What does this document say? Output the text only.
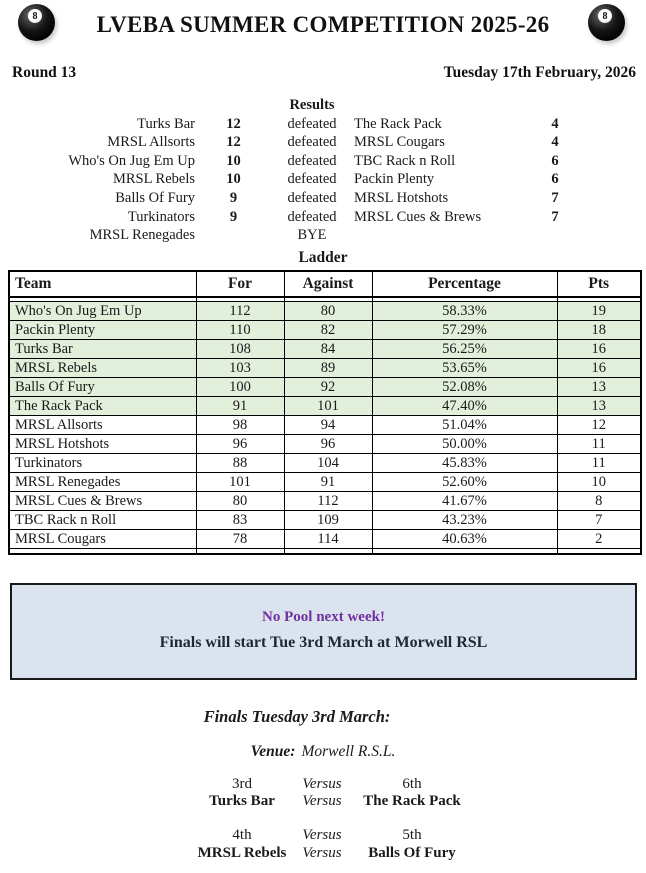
8	LVEBA SUMMER COMPETITION 2025-26	8
Round 13	Tuesday 17th February, 2026
Results
Turks Bar	12	defeated	The Rack Pack	4
MRSL Allsorts	12	defeated	MRSL Cougars	4
Who's On Jug Em Up	10	defeated	TBC Rack n Roll	6
MRSL Rebels	10	defeated	Packin Plenty	6
Balls Of Fury	9	defeated	MRSL Hotshots	7
Turkinators	9	defeated	MRSL Cues & Brews	7
MRSL Renegades	BYE
Ladder
Team	For	Against	Percentage	Pts

Who's On Jug Em Up	112	80	58.33%	19
Packin Plenty	110	82	57.29%	18
Turks Bar	108	84	56.25%	16
MRSL Rebels	103	89	53.65%	16
Balls Of Fury	100	92	52.08%	13
The Rack Pack	91	101	47.40%	13
MRSL Allsorts	98	94	51.04%	12
MRSL Hotshots	96	96	50.00%	11
Turkinators	88	104	45.83%	11
MRSL Renegades	101	91	52.60%	10
MRSL Cues & Brews	80	112	41.67%	8
TBC Rack n Roll	83	109	43.23%	7
MRSL Cougars	78	114	40.63%	2

No Pool next week!
Finals will start Tue 3rd March at Morwell RSL
Finals Tuesday 3rd March:
Venue: Morwell R.S.L.
3rd	Versus	6th
Turks Bar	Versus	The Rack Pack
4th	Versus	5th
MRSL Rebels	Versus	Balls Of Fury
